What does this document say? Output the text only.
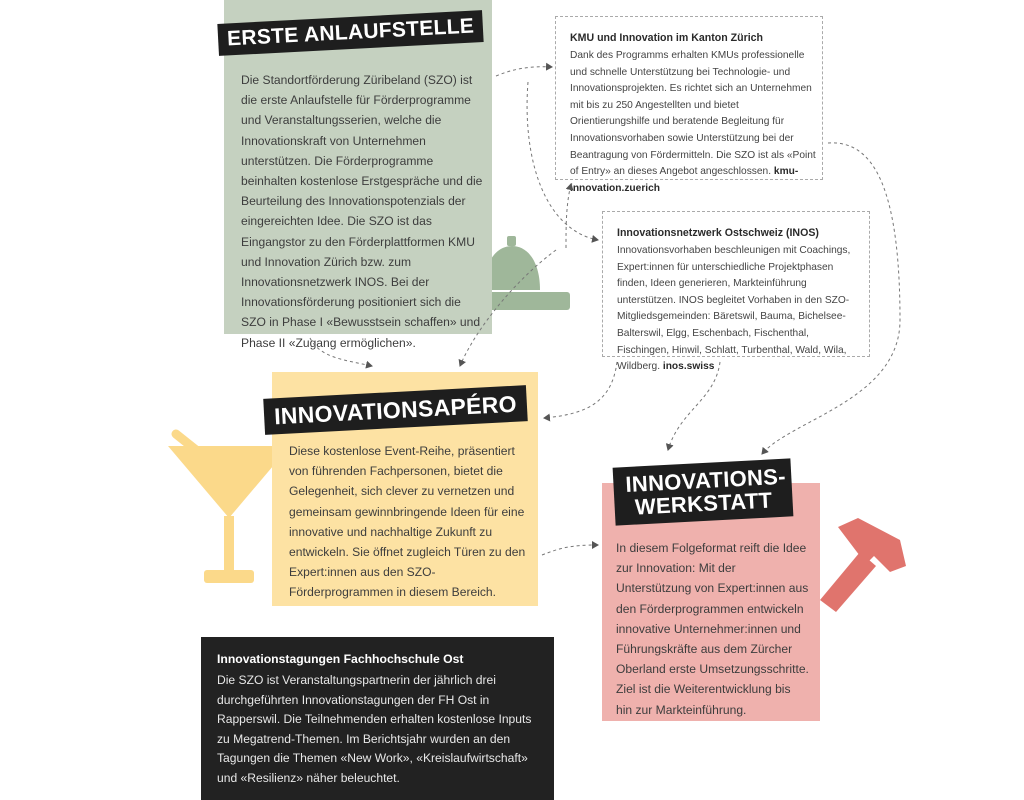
Die Standortförderung Züribeland (SZO) ist die erste Anlaufstelle für Förderprogramme und Veranstaltungsserien, welche die Innovationskraft von Unternehmen unterstützen. Die Förderprogramme beinhalten kostenlose Erstgespräche und die Beurteilung des Innovationspotenzials der eingereichten Idee. Die SZO ist das Eingangstor zu den Förderplattformen KMU und Innovation Zürich bzw. zum Innovationsnetzwerk INOS. Bei der Innovationsförderung positioniert sich die SZO in Phase I «Bewusstsein schaffen» und Phase II «Zugang ermöglichen».
ERSTE ANLAUFSTELLE	KMU und Innovation im Kanton Zürich
Dank des Programms erhalten KMUs professionelle und schnelle Unterstützung bei Technologie- und Innovationsprojekten. Es richtet sich an Unternehmen mit bis zu 250 Angestellten und bietet Orientierungshilfe und beratende Begleitung für Innovationsvorhaben sowie Unterstützung bei der Beantragung von Fördermitteln. Die SZO ist als «Point of Entry» an dieses Angebot angeschlossen. kmu-innovation.zuerich
Innovationsnetzwerk Ostschweiz (INOS)
Innovationsvorhaben beschleunigen mit Coachings, Expert:innen für unterschiedliche Projektphasen finden, Ideen generieren, Markteinführung unterstützen. INOS begleitet Vorhaben in den SZO-Mitgliedsgemeinden: Bäretswil, Bauma, Bichelsee-Balterswil, Elgg, Eschenbach, Fischenthal, Fischingen, Hinwil, Schlatt, Turbenthal, Wald, Wila, Wildberg. inos.swiss
Diese kostenlose Event-Reihe, präsentiert von führenden Fachpersonen, bietet die Gelegenheit, sich clever zu vernetzen und gemeinsam gewinnbringende Ideen für eine innovative und nachhaltige Zukunft zu entwickeln. Sie öffnet zugleich Türen zu den Expert:innen aus den SZO-Förderprogrammen in diesem Bereich.
INNOVATIONSAPÉRO
In diesem Folgeformat reift die Idee zur Innovation: Mit der Unterstützung von Expert:innen aus den Förderprogrammen entwickeln innovative Unternehmer:innen und Führungskräfte aus dem Zürcher Oberland erste Umsetzungsschritte. Ziel ist die Weiterentwicklung bis hin zur Markteinführung.
INNOVATIONS-
WERKSTATT
Innovationstagungen Fachhochschule Ost
Die SZO ist Veranstaltungspartnerin der jährlich drei durchgeführten Innovationstagungen der FH Ost in Rapperswil. Die Teilnehmenden erhalten kostenlose Inputs zu Megatrend-Themen. Im Berichtsjahr wurden an den Tagungen die Themen «New Work», «Kreislaufwirtschaft» und «Resilienz» näher beleuchtet.
